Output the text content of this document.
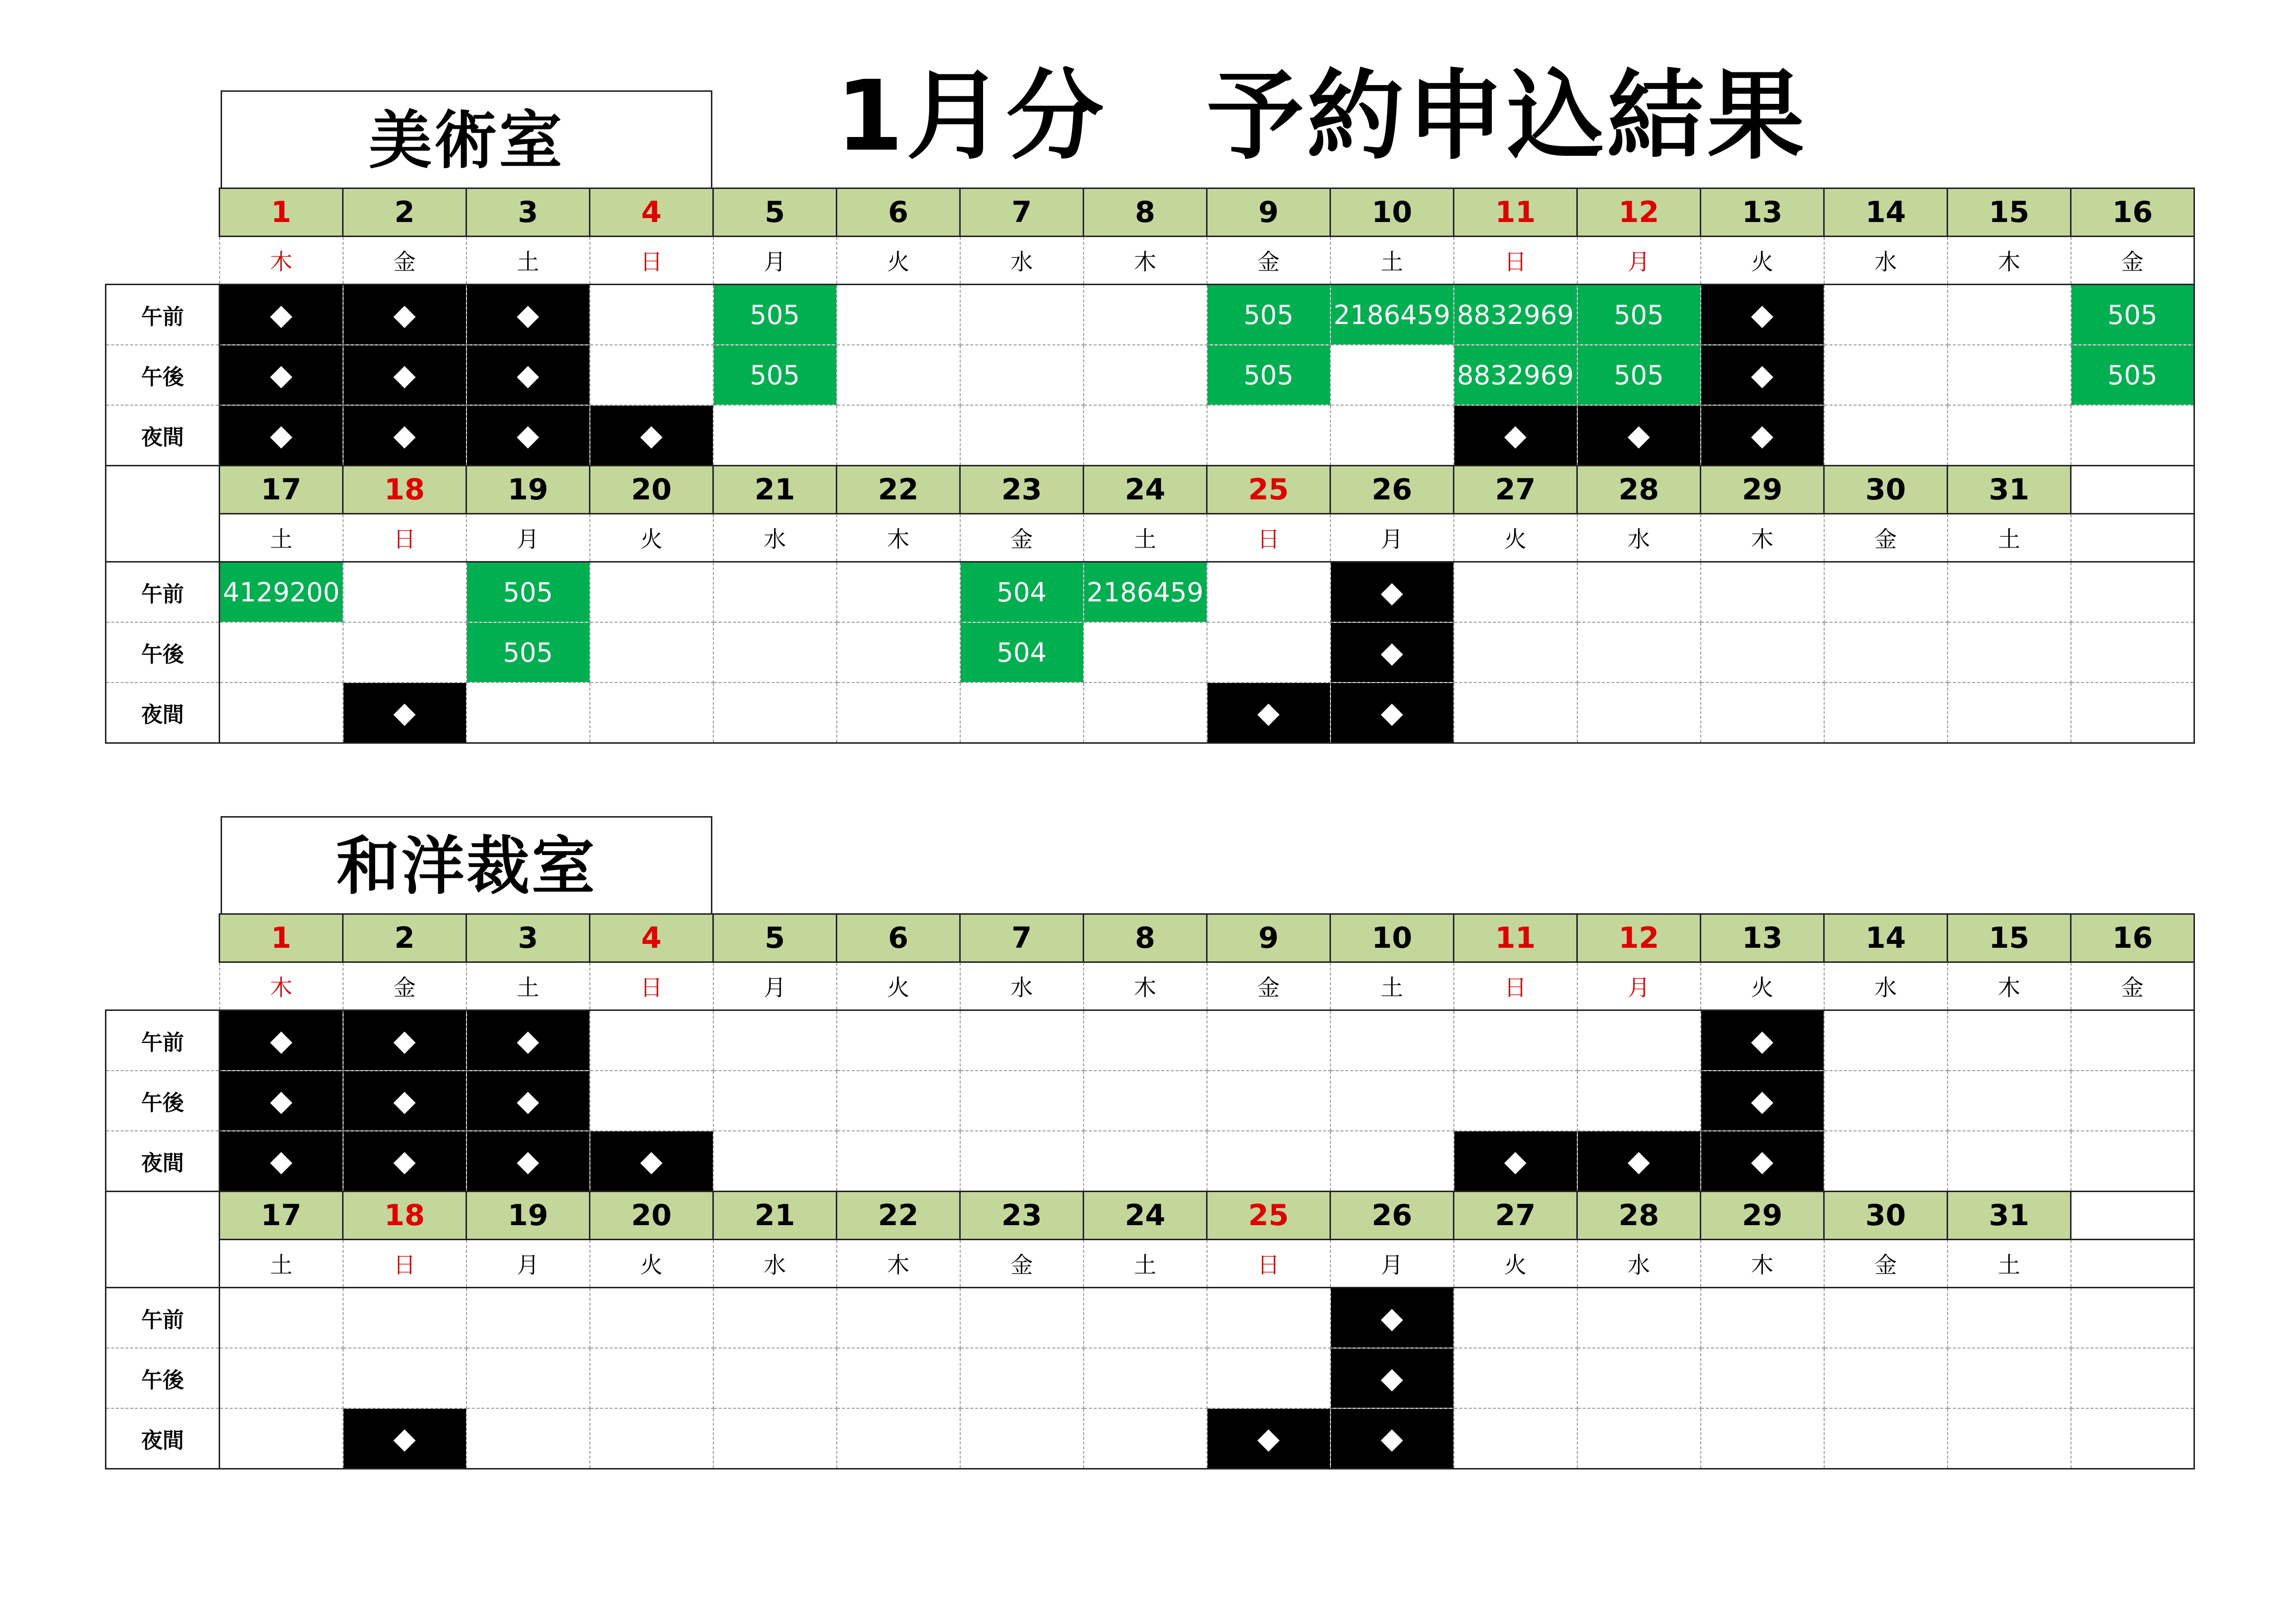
1月分　予約申込結果
美術室
	1	2	3	4	5	6	7	8	9	10	11	12	13	14	15	16
	木	金	土	日	月	火	水	木	金	土	日	月	火	水	木	金
午前	◆	◆	◆		505				505	2186459	8832969	505	◆			505
午後	◆	◆	◆		505				505		8832969	505	◆			505
夜間	◆	◆	◆	◆							◆	◆	◆			
	17	18	19	20	21	22	23	24	25	26	27	28	29	30	31	
	土	日	月	火	水	木	金	土	日	月	火	水	木	金	土	
午前	4129200		505				504	2186459		◆						
午後			505				504			◆						
夜間		◆							◆	◆						
和洋裁室
	1	2	3	4	5	6	7	8	9	10	11	12	13	14	15	16
	木	金	土	日	月	火	水	木	金	土	日	月	火	水	木	金
午前	◆	◆	◆										◆			
午後	◆	◆	◆										◆			
夜間	◆	◆	◆	◆							◆	◆	◆			
	17	18	19	20	21	22	23	24	25	26	27	28	29	30	31	
	土	日	月	火	水	木	金	土	日	月	火	水	木	金	土	
午前										◆						
午後										◆						
夜間		◆							◆	◆						
